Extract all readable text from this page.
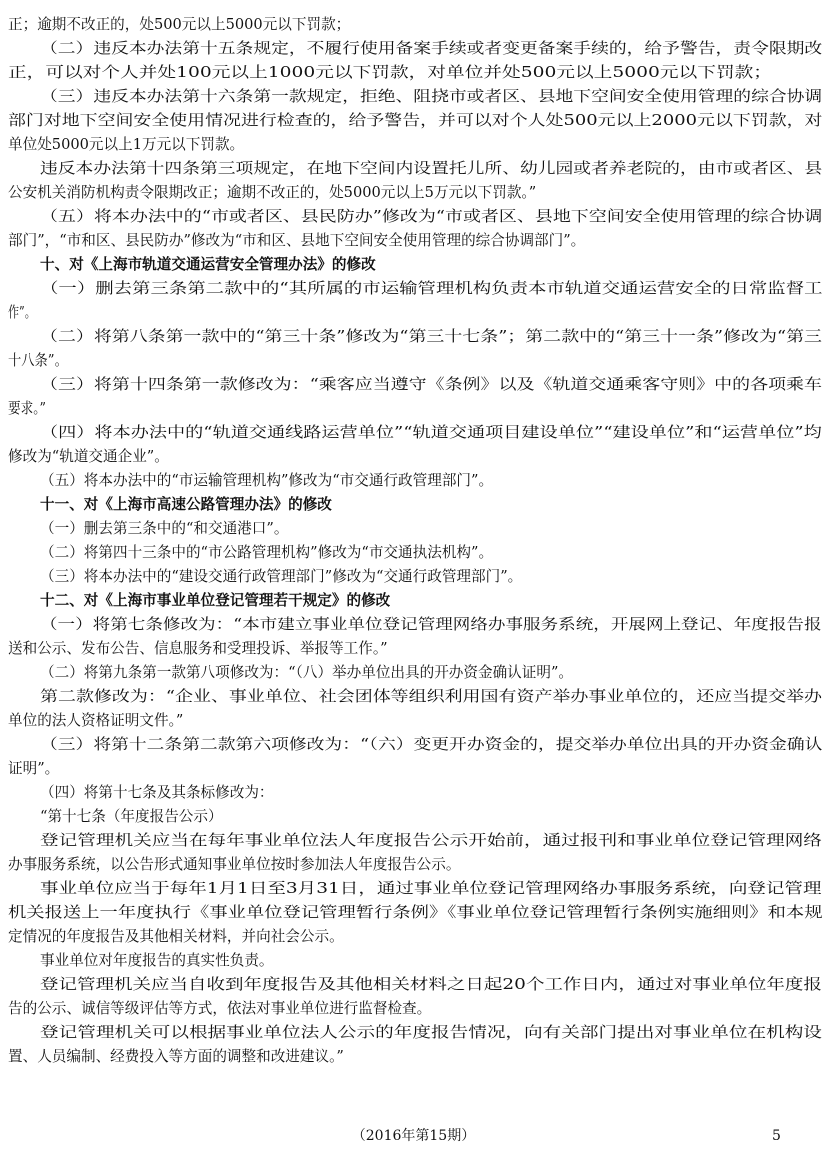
正；逾期不改正的，处500元以上5000元以下罚款；
（二）违反本办法第十五条规定，不履行使用备案手续或者变更备案手续的，给予警告，责令限期改
正，可以对个人并处100元以上1000元以下罚款，对单位并处500元以上5000元以下罚款；
（三）违反本办法第十六条第一款规定，拒绝、阻挠市或者区、县地下空间安全使用管理的综合协调
部门对地下空间安全使用情况进行检查的，给予警告，并可以对个人处500元以上2000元以下罚款，对
单位处5000元以上1万元以下罚款。
违反本办法第十四条第三项规定，在地下空间内设置托儿所、幼儿园或者养老院的，由市或者区、县
公安机关消防机构责令限期改正；逾期不改正的，处5000元以上5万元以下罚款。”
（五）将本办法中的“市或者区、县民防办”修改为“市或者区、县地下空间安全使用管理的综合协调
部门”，“市和区、县民防办”修改为“市和区、县地下空间安全使用管理的综合协调部门”。
十、对《上海市轨道交通运营安全管理办法》的修改
（一）删去第三条第二款中的“其所属的市运输管理机构负责本市轨道交通运营安全的日常监督工
作”。
（二）将第八条第一款中的“第三十条”修改为“第三十七条”；第二款中的“第三十一条”修改为“第三
十八条”。
（三）将第十四条第一款修改为：“乘客应当遵守《条例》以及《轨道交通乘客守则》中的各项乘车
要求。”
（四）将本办法中的“轨道交通线路运营单位”“轨道交通项目建设单位”“建设单位”和“运营单位”均
修改为“轨道交通企业”。
（五）将本办法中的“市运输管理机构”修改为“市交通行政管理部门”。
十一、对《上海市高速公路管理办法》的修改
（一）删去第三条中的“和交通港口”。
（二）将第四十三条中的“市公路管理机构”修改为“市交通执法机构”。
（三）将本办法中的“建设交通行政管理部门”修改为“交通行政管理部门”。
十二、对《上海市事业单位登记管理若干规定》的修改
（一）将第七条修改为：“本市建立事业单位登记管理网络办事服务系统，开展网上登记、年度报告报
送和公示、发布公告、信息服务和受理投诉、举报等工作。”
（二）将第九条第一款第八项修改为：“（八）举办单位出具的开办资金确认证明”。
第二款修改为：“企业、事业单位、社会团体等组织利用国有资产举办事业单位的，还应当提交举办
单位的法人资格证明文件。”
（三）将第十二条第二款第六项修改为：“（六）变更开办资金的，提交举办单位出具的开办资金确认
证明”。
（四）将第十七条及其条标修改为：
“第十七条（年度报告公示）
登记管理机关应当在每年事业单位法人年度报告公示开始前，通过报刊和事业单位登记管理网络
办事服务系统，以公告形式通知事业单位按时参加法人年度报告公示。
事业单位应当于每年1月1日至3月31日，通过事业单位登记管理网络办事服务系统，向登记管理
机关报送上一年度执行《事业单位登记管理暂行条例》《事业单位登记管理暂行条例实施细则》和本规
定情况的年度报告及其他相关材料，并向社会公示。
事业单位对年度报告的真实性负责。
登记管理机关应当自收到年度报告及其他相关材料之日起20个工作日内，通过对事业单位年度报
告的公示、诚信等级评估等方式，依法对事业单位进行监督检查。
登记管理机关可以根据事业单位法人公示的年度报告情况，向有关部门提出对事业单位在机构设
置、人员编制、经费投入等方面的调整和改进建议。”
（2016年第15期）	5
